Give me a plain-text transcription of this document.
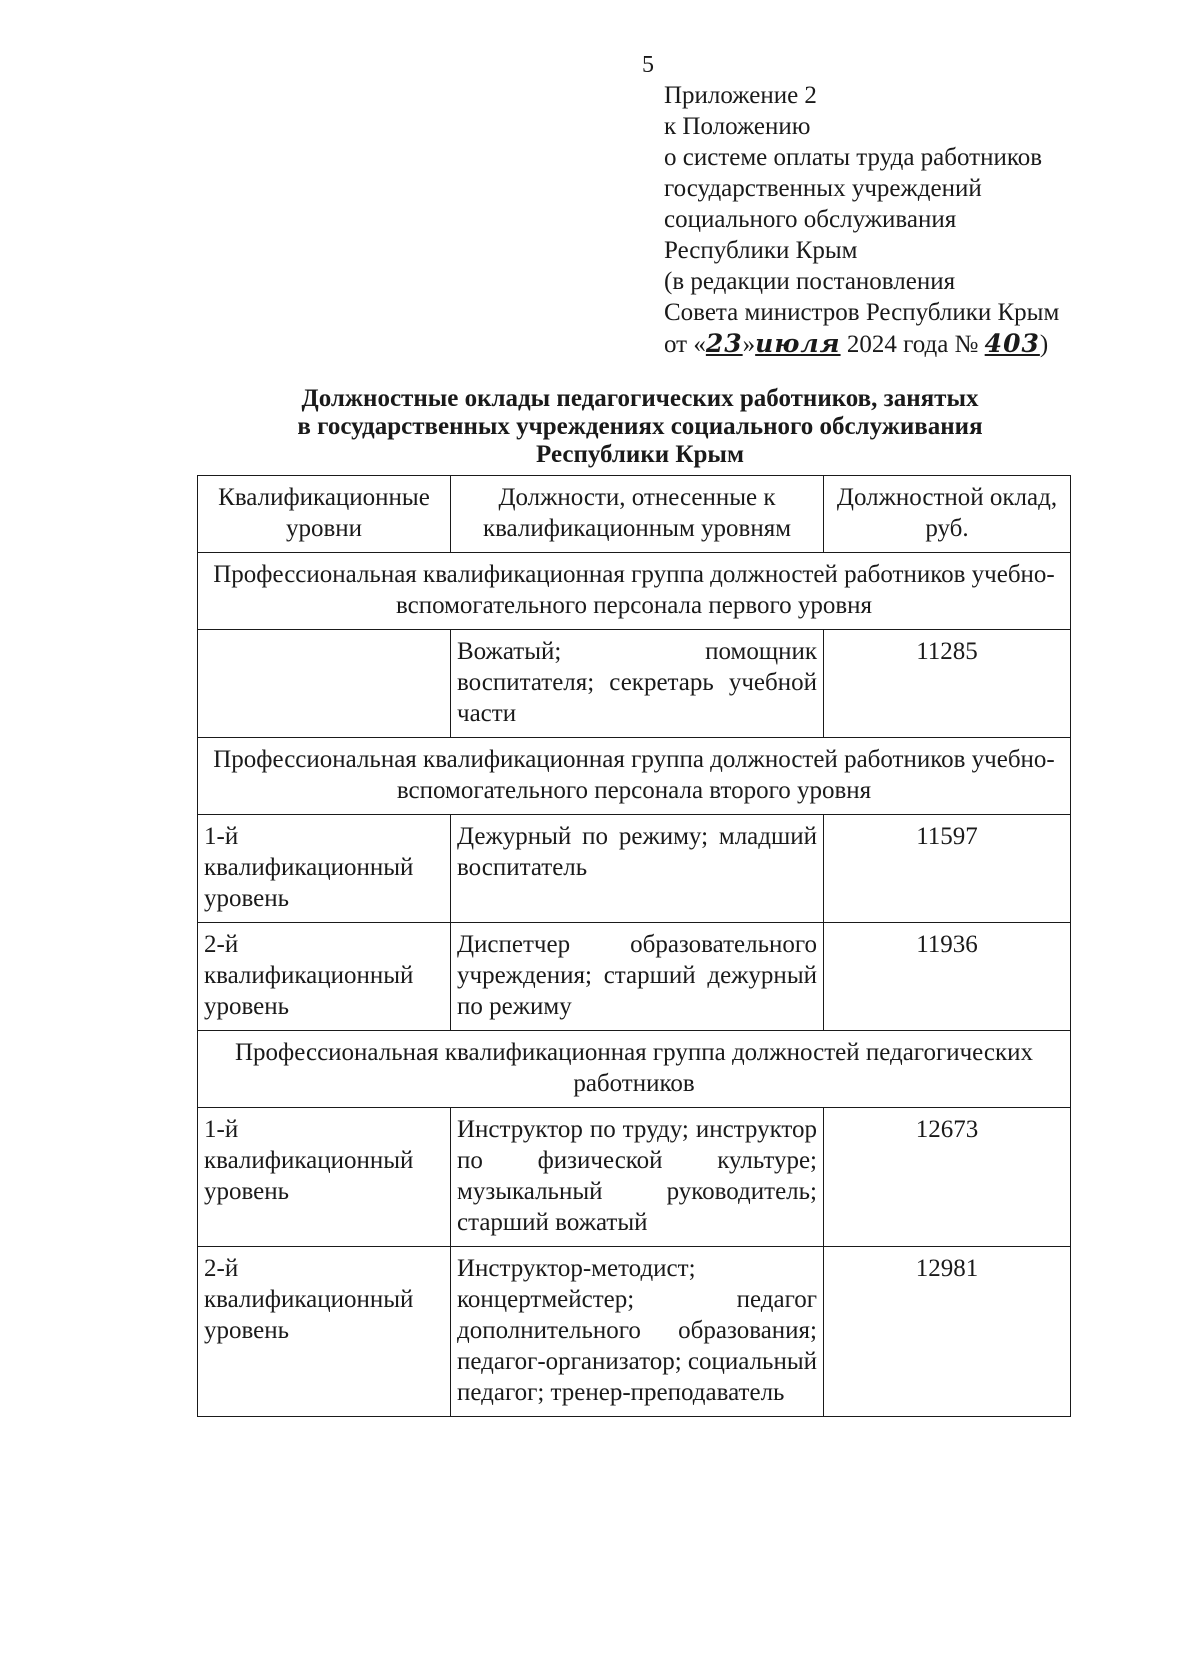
5
Приложение 2
к Положению
о системе оплаты труда работников
государственных учреждений
социального обслуживания
Республики Крым
(в редакции постановления
Совета министров Республики Крым
от «23»июля 2024 года № 403)
Должностные оклады педагогических работников, занятых
в государственных учреждениях социального обслуживания
Республики Крым
Квалификационные уровни	Должности, отнесенные к квалификационным уровням	Должностной оклад, руб.
Профессиональная квалификационная группа должностей работников учебно-вспомогательного персонала первого уровня		
	Вожатый; помощник воспитателя; секретарь учебной части	11285
Профессиональная квалификационная группа должностей работников учебно-вспомогательного персонала второго уровня		
1-й квалификационный уровень	Дежурный по режиму; младший воспитатель	11597
2-й квалификационный уровень	Диспетчер образовательного учреждения; старший дежурный по режиму	11936
Профессиональная квалификационная группа должностей педагогических работников		
1-й квалификационный уровень	Инструктор по труду; инструктор по физической культуре; музыкальный руководитель; старший вожатый	12673
2-й квалификационный уровень	Инструктор-методист; концертмейстер; педагог дополнительного образования; педагог-организатор; социальный педагог; тренер-преподаватель	12981
